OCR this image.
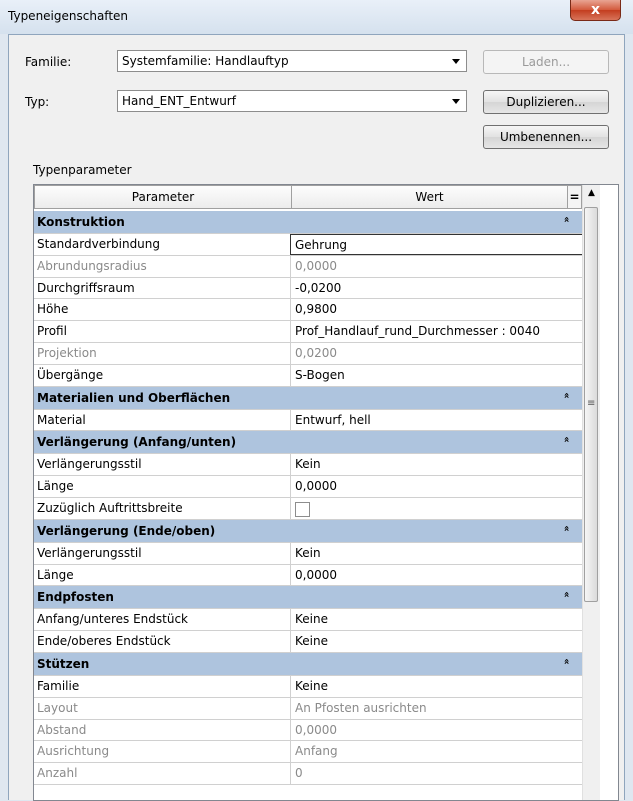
Typeneigenschaften	x
Familie:	Systemfamilie: Handlauftyp	Laden...
Typ:	Hand_ENT_Entwurf	Duplizieren...
Umbenennen...
Typenparameter
Parameter	Wert	=
Konstruktion	»
Standardverbindung	Gehrung
Abrundungsradius	0,0000
Durchgriffsraum	-0,0200
Höhe	0,9800
Profil	Prof_Handlauf_rund_Durchmesser : 0040
Projektion	0,0200
Übergänge	S-Bogen
Materialien und Oberflächen	»
Material	Entwurf, hell
Verlängerung (Anfang/unten)	»
Verlängerungsstil	Kein
Länge	0,0000
Zuzüglich Auftrittsbreite
Verlängerung (Ende/oben)	»
Verlängerungsstil	Kein
Länge	0,0000
Endpfosten	»
Anfang/unteres Endstück	Keine
Ende/oberes Endstück	Keine
Stützen	»
Familie	Keine
Layout	An Pfosten ausrichten
Abstand	0,0000
Ausrichtung	Anfang
Anzahl	0
▲
≡
